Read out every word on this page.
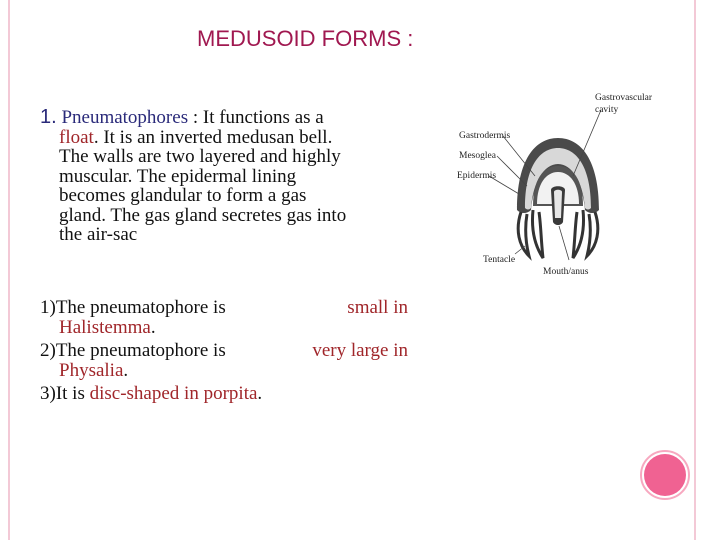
MEDUSOID FORMS :
1. Pneumatophores : It functions as a
float. It is an inverted medusan bell.
The walls are two layered and highly
muscular. The epidermal lining
becomes glandular to form a gas
gland. The gas gland secretes gas into
the air-sac
1)The pneumatophore is	small in
Halistemma.
2)The pneumatophore is	very large in
Physalia.
3)It is disc-shaped in porpita.
Gastrovascular
cavity
Gastrodermis
Mesoglea
Epidermis
Tentacle
Mouth/anus
